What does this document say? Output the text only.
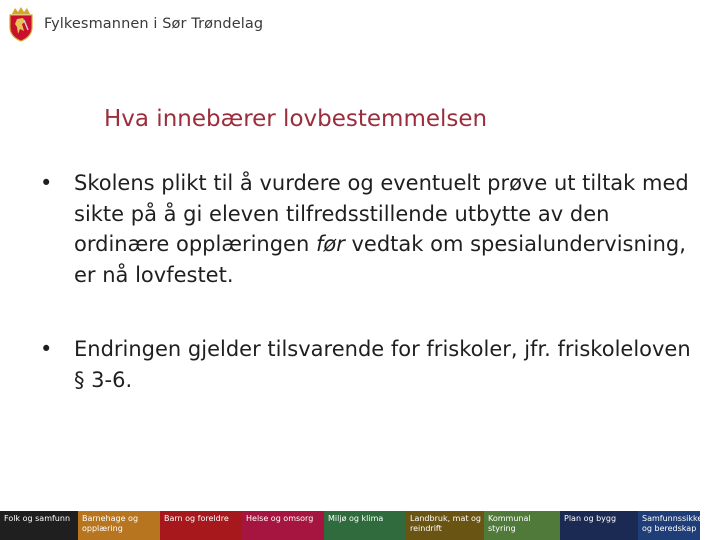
Fylkesmannen i Sør Trøndelag
Hva innebærer lovbestemmelsen
• Skolens plikt til å vurdere og eventuelt prøve ut tiltak med sikte på å gi eleven tilfredsstillende utbytte av den ordinære opplæringen før vedtak om spesialundervisning, er nå lovfestet.
• Endringen gjelder tilsvarende for friskoler, jfr. friskoleloven § 3-6.
Folk og samfunn	Barnehage og opplæring
Barn og foreldre	Helse og omsorg	Miljø og klima	Landbruk, mat og reindrift
Kommunal styring
Plan og bygg	Samfunnssikkerhet og beredskap
